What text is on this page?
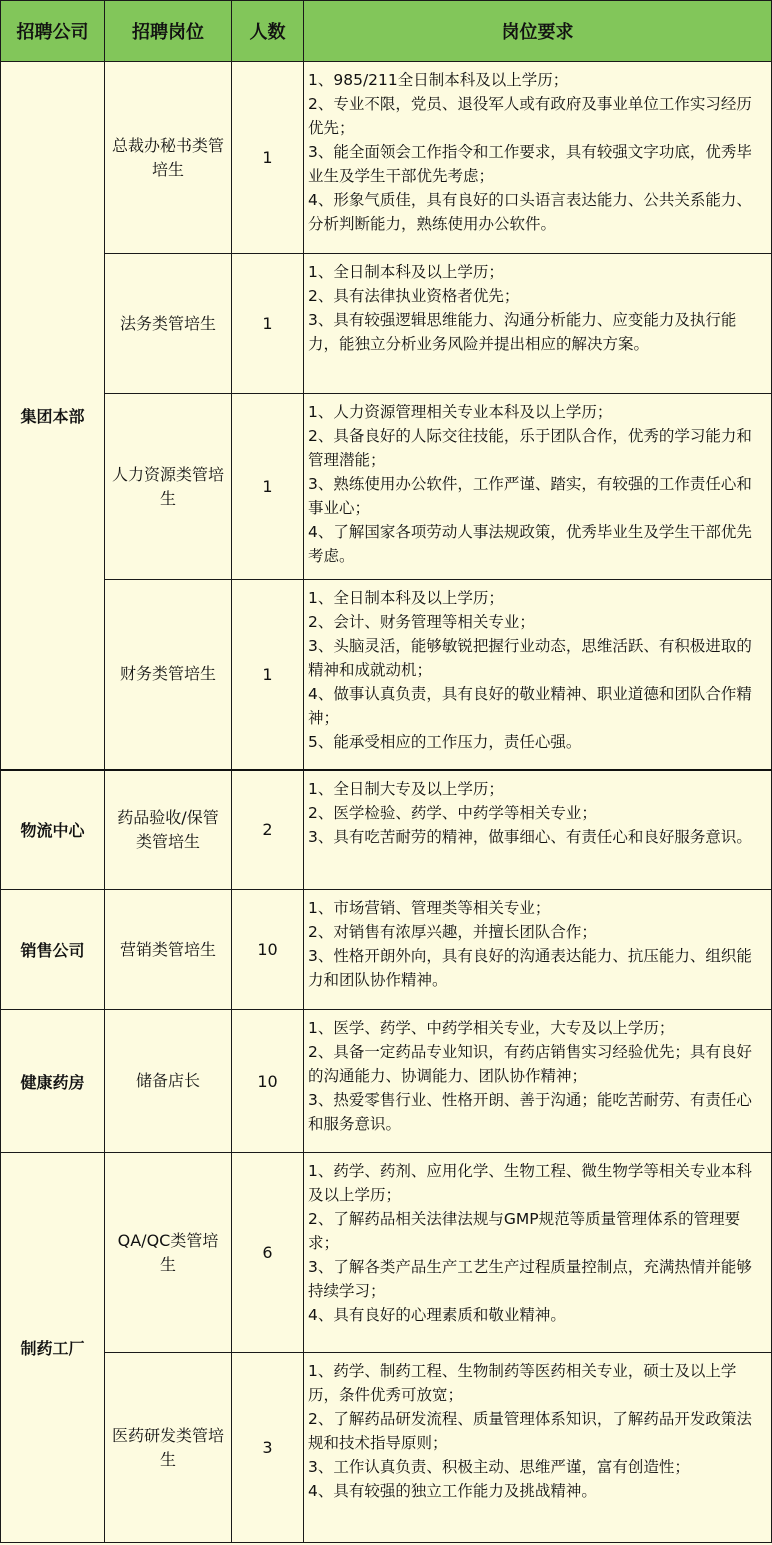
招聘公司	招聘岗位	人数	岗位要求
集团本部	总裁办秘书类管培生	1	1、985/211全日制本科及以上学历；
2、专业不限，党员、退役军人或有政府及事业单位工作实习经历优先；
3、能全面领会工作指令和工作要求，具有较强文字功底，优秀毕业生及学生干部优先考虑；
4、形象气质佳，具有良好的口头语言表达能力、公共关系能力、分析判断能力，熟练使用办公软件。

	法务类管培生	1	1、全日制本科及以上学历；
2、具有法律执业资格者优先；
3、具有较强逻辑思维能力、沟通分析能力、应变能力及执行能力，能独立分析业务风险并提出相应的解决方案。

	人力资源类管培生	1	1、人力资源管理相关专业本科及以上学历；
2、具备良好的人际交往技能，乐于团队合作，优秀的学习能力和管理潜能；
3、熟练使用办公软件，工作严谨、踏实，有较强的工作责任心和事业心；
4、了解国家各项劳动人事法规政策，优秀毕业生及学生干部优先考虑。

	财务类管培生	1	1、全日制本科及以上学历；
2、会计、财务管理等相关专业；
3、头脑灵活，能够敏锐把握行业动态，思维活跃、有积极进取的精神和成就动机；
4、做事认真负责，具有良好的敬业精神、职业道德和团队合作精神；
5、能承受相应的工作压力，责任心强。

物流中心	药品验收/保管类管培生	2	1、全日制大专及以上学历；
2、医学检验、药学、中药学等相关专业；
3、具有吃苦耐劳的精神，做事细心、有责任心和良好服务意识。

销售公司	营销类管培生	10	1、市场营销、管理类等相关专业；
2、对销售有浓厚兴趣，并擅长团队合作；
3、性格开朗外向，具有良好的沟通表达能力、抗压能力、组织能力和团队协作精神。

健康药房	储备店长	10	1、医学、药学、中药学相关专业，大专及以上学历；
2、具备一定药品专业知识，有药店销售实习经验优先；具有良好的沟通能力、协调能力、团队协作精神；
3、热爱零售行业、性格开朗、善于沟通；能吃苦耐劳、有责任心和服务意识。

制药工厂	QA/QC类管培生	6	1、药学、药剂、应用化学、生物工程、微生物学等相关专业本科及以上学历；
2、了解药品相关法律法规与GMP规范等质量管理体系的管理要求；
3、了解各类产品生产工艺生产过程质量控制点，充满热情并能够持续学习；
4、具有良好的心理素质和敬业精神。

	医药研发类管培生	3	1、药学、制药工程、生物制药等医药相关专业，硕士及以上学历，条件优秀可放宽；
2、了解药品研发流程、质量管理体系知识，了解药品开发政策法规和技术指导原则；
3、工作认真负责、积极主动、思维严谨，富有创造性；
4、具有较强的独立工作能力及挑战精神。
